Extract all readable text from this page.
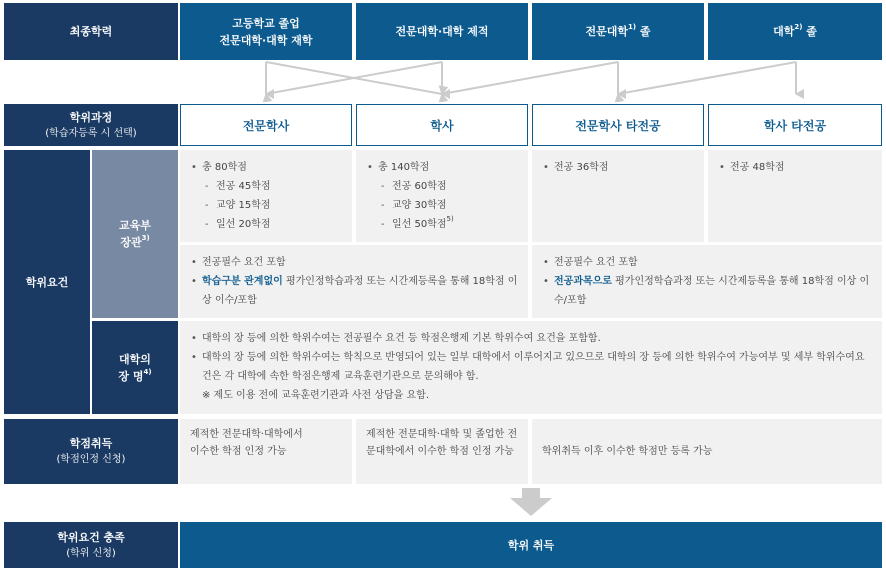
최종학력
고등학교 졸업
전문대학·대학 재학
전문대학·대학 제적	전문대학$^{1)}$ 졸	대학$^{2)}$ 졸
학위과정
(학습자등록 시 선택)
전문학사	학사	전문학사 타전공	학사 타전공
학위요건
교육부
장관$^{3)}$
대학의
장 명$^{4)}$
• 총 80학점
- 전공 45학점
- 교양 15학점
- 일선 20학점
• 총 140학점
- 전공 60학점
- 교양 30학점
- 일선 50학점$^{5)}$
• 전공 36학점
•	전공 48학점
• 전공필수 요건 포함
• 학습구분 관계없이 평가인정학습과정 또는 시간제등록을 통해 18학점 이상 이수/포함
• 전공필수 요건 포함
• 전공과목으로 평가인정학습과정 또는 시간제등록을 통해 18학점 이상 이수/포함
• 대학의 장 등에 의한 학위수여는 전공필수 요건 등 학점은행제 기본 학위수여 요건을 포함함.
• 대학의 장 등에 의한 학위수여는 학칙으로 반영되어 있는 일부 대학에서 이루어지고 있으므로 대학의 장 등에 의한 학위수여 가능여부 및 세부 학위수여요건은 각 대학에 속한 학점은행제 교육훈련기관으로 문의해야 함.
※ 제도 이용 전에 교육훈련기관과 사전 상담을 요함.
학점취득
(학점인정 신청)
제적한 전문대학·대학에서 이수한 학점 인정 가능
제적한 전문대학·대학 및 졸업한 전문대학에서 이수한 학점 인정 가능	학위취득 이후 이수한 학점만 등록 가능
학위요건 충족
(학위 신청)
학위 취득
